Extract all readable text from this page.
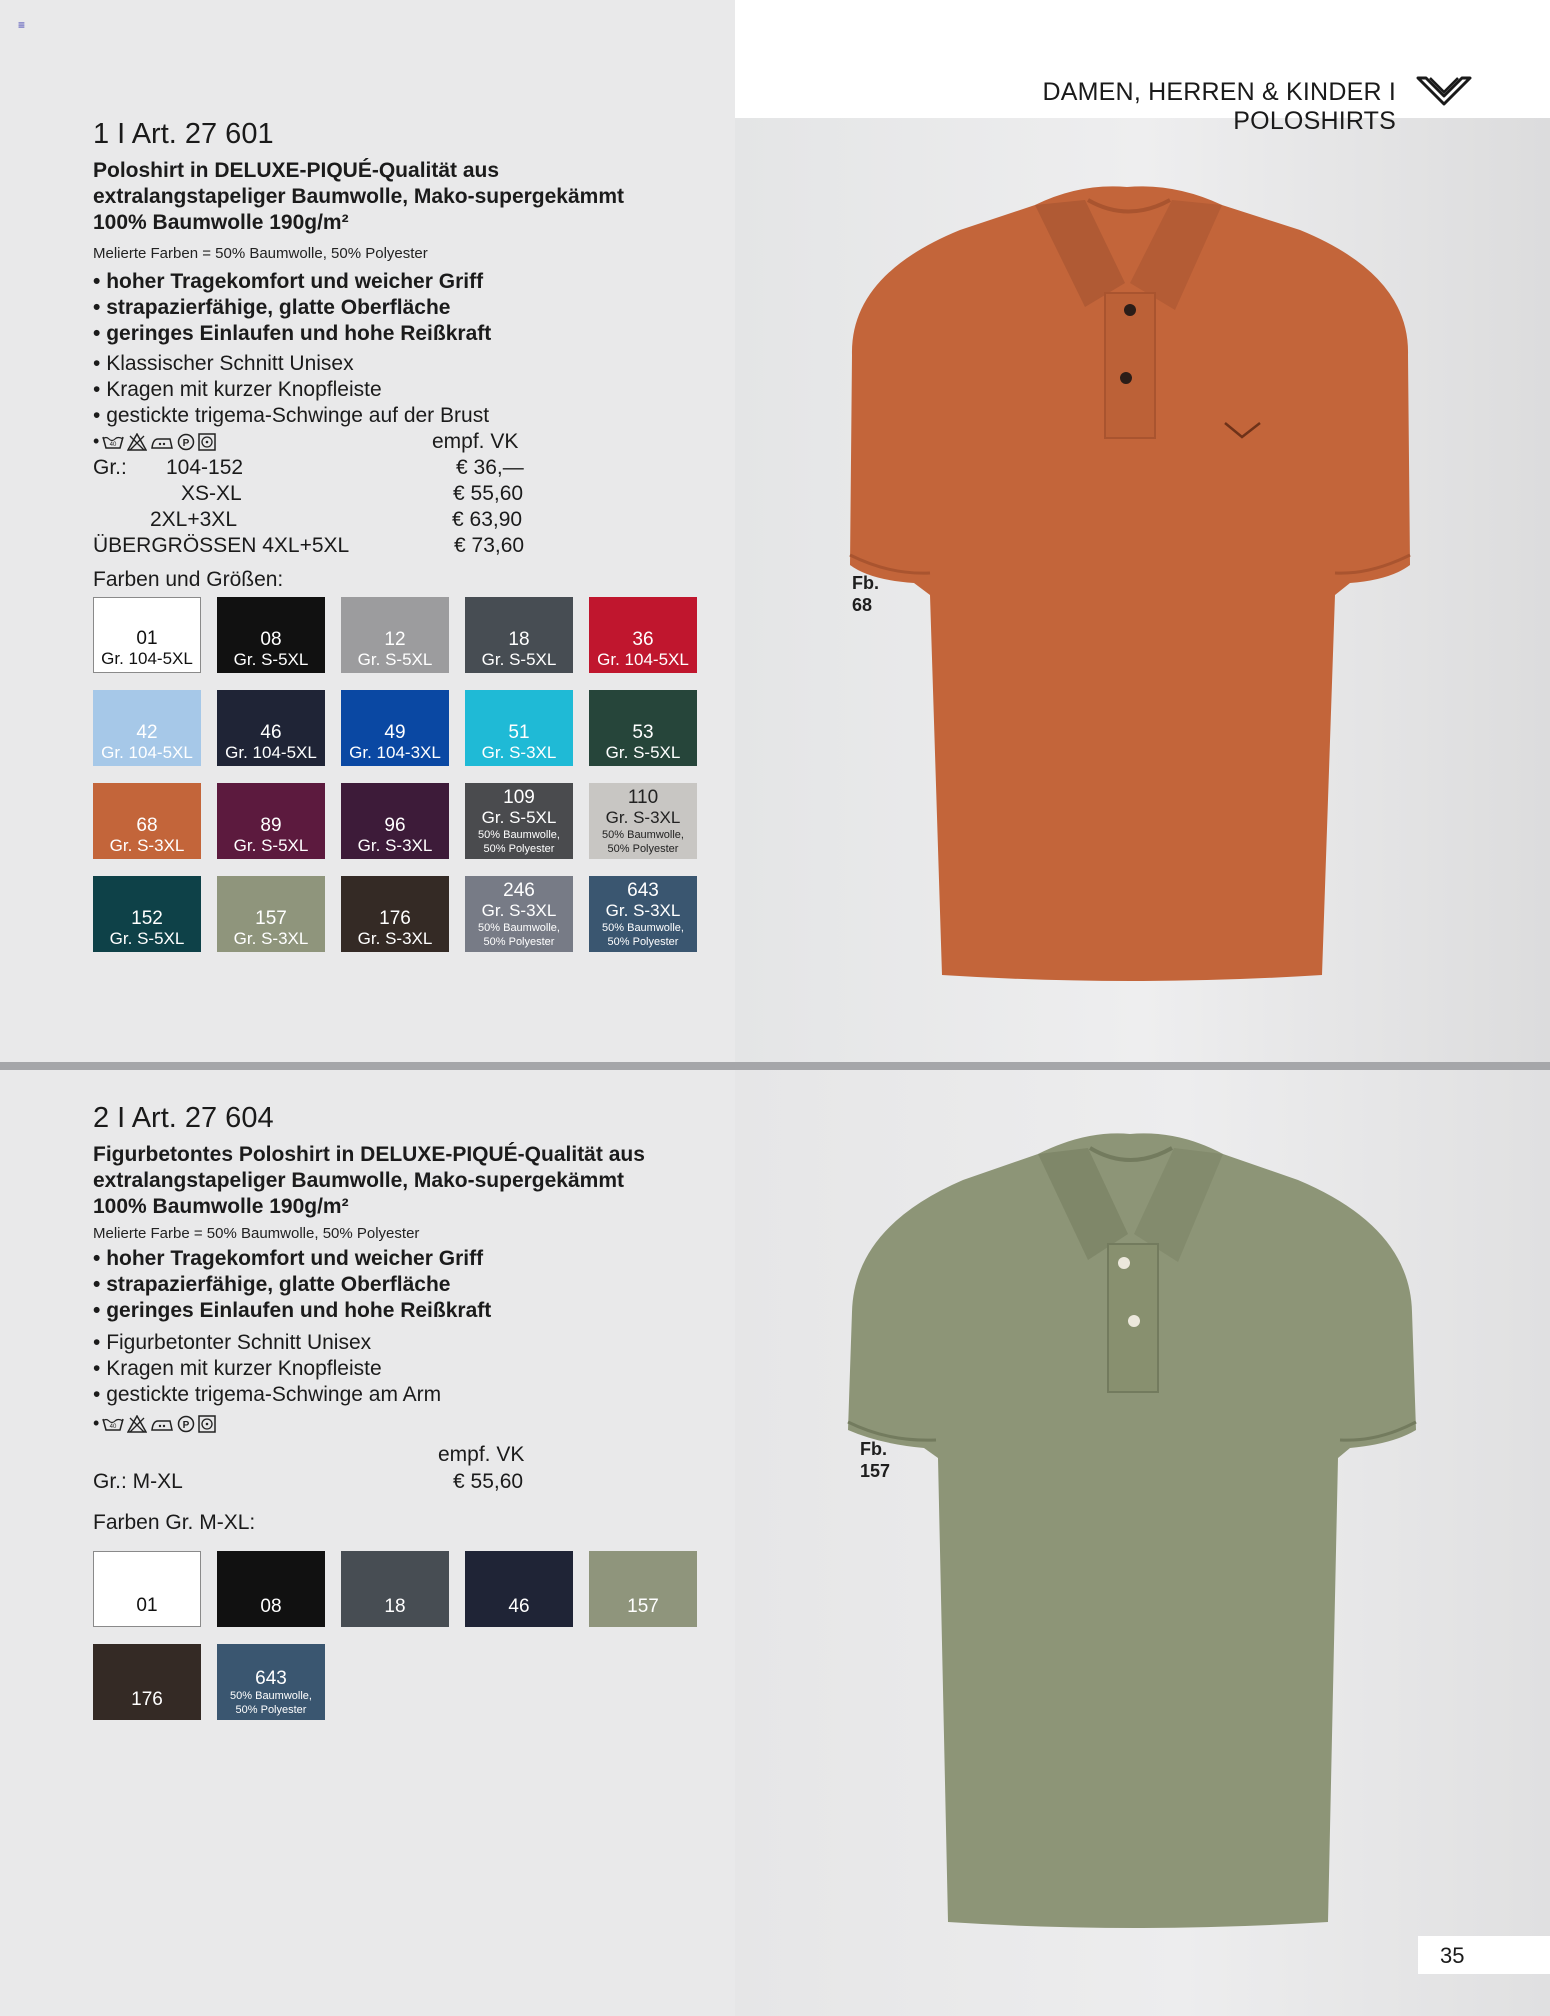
≡
DAMEN, HERREN & KINDER I POLOSHIRTS
1 I Art. 27 601
Poloshirt in DELUXE-PIQUÉ-Qualität aus
extralangstapeliger Baumwolle, Mako-supergekämmt
100% Baumwolle 190g/m²
Melierte Farben = 50% Baumwolle, 50% Polyester
• hoher Tragekomfort und weicher Griff
• strapazierfähige, glatte Oberfläche
• geringes Einlaufen und hohe Reißkraft
• Klassischer Schnitt Unisex
• Kragen mit kurzer Knopfleiste
• gestickte trigema-Schwinge auf der Brust
• 40	P	empf. VK
Gr.: 104-152	€ 36,—
XS-XL	€ 55,60
2XL+3XL	€ 63,90
ÜBERGRÖSSEN 4XL+5XL	€ 73,60
Farben und Größen:
01
Gr. 104-5XL
08
Gr. S-5XL
12
Gr. S-5XL
18
Gr. S-5XL
36
Gr. 104-5XL
42
Gr. 104-5XL
46
Gr. 104-5XL
49
Gr. 104-3XL
51
Gr. S-3XL
53
Gr. S-5XL
68
Gr. S-3XL
89
Gr. S-5XL
96
Gr. S-3XL
109
Gr. S-5XL
50% Baumwolle,
50% Polyester
110
Gr. S-3XL
50% Baumwolle,
50% Polyester
152
Gr. S-5XL
157
Gr. S-3XL
176
Gr. S-3XL
246
Gr. S-3XL
50% Baumwolle,
50% Polyester
643
Gr. S-3XL
50% Baumwolle,
50% Polyester
Fb.
68
2 I Art. 27 604
Figurbetontes Poloshirt in DELUXE-PIQUÉ-Qualität aus
extralangstapeliger Baumwolle, Mako-supergekämmt
100% Baumwolle 190g/m²
Melierte Farbe = 50% Baumwolle, 50% Polyester
• hoher Tragekomfort und weicher Griff
• strapazierfähige, glatte Oberfläche
• geringes Einlaufen und hohe Reißkraft
• Figurbetonter Schnitt Unisex
• Kragen mit kurzer Knopfleiste
• gestickte trigema-Schwinge am Arm
• 40	P
empf. VK
Gr.: M-XL	€ 55,60
Farben Gr. M-XL:
01	08	18	46	157
176
643
50% Baumwolle,
50% Polyester
Fb.
157
35
